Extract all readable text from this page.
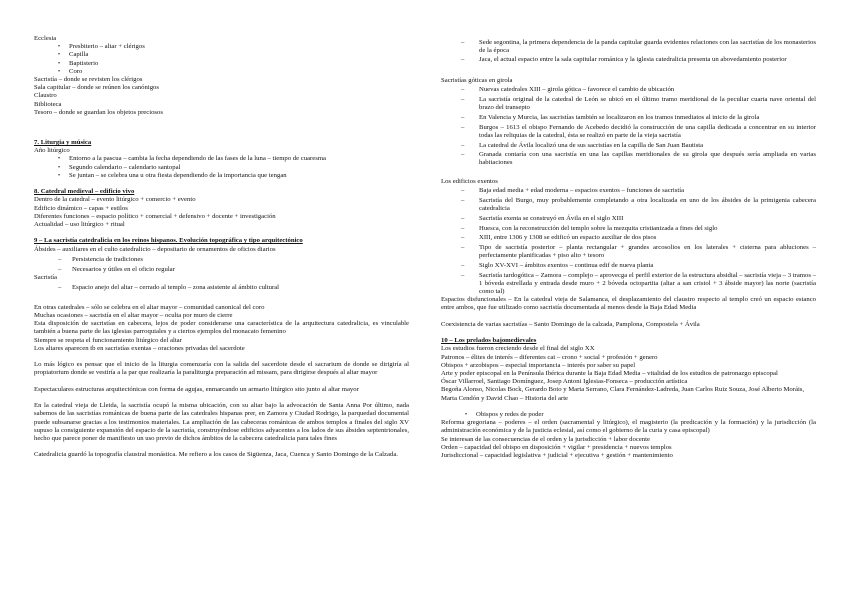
Ecclesia

• Presbiterio – altar + clérigos

• Capilla

• Baptisterio

• Coro

Sacristía – donde se revisten los clérigos

Sala capitular – donde se reúnen los canónigos

Claustro

Biblioteca

Tesoro – donde se guardan los objetos preciosos

7. Liturgia y música

Año litúrgico

• Entorno a la pascua – cambia la fecha dependiendo de las fases de la luna – tiempo de cuaresma

• Segundo calendario – calendario santopal

• Se juntan – se celebra una u otra fiesta dependiendo de la importancia que tengan

8. Catedral medieval – edificio vivo

Dentro de la catedral – evento litúrgico + comercio + evento

Edificio dinámico – capas + estilos

Diferentes funciones – espacio político + comercial + defensivo + docente + investigación

Actualidad – uso litúrgico + ritual

9 – La sacristía catedralicia en los reinos hispanos. Evolución topográfica y tipo arquitectónico

Ábsides – auxiliares en el culto catedralicio – depositario de ornamentos de oficios diarios

– Persistencia de tradiciones

– Necesarios y útiles en el oficio regular

Sacristía

– Espacio anejo del altar – cerrado al templo – zona asistente al ámbito cultural

En otras catedrales – sólo se celebra en el altar mayor – comunidad canonical del coro

Muchas ocasiones – sacristía en el altar mayor – oculta por muro de cierre

Esta disposición de sacristías en cabecera, lejos de poder considerarse una característica de la arquitectura catedralicia, es vinculable también a buena parte de las iglesias parroquiales y a ciertos ejemplos del monacato femenino

Siempre se respeta el funcionamiento litúrgico del altar

Los altares aparecen tb en sacristías exentas – oraciones privadas del sacerdote

Lo más lógico es pensar que el inicio de la liturgia comenzaría con la salida del sacerdote desde el sacrarium de donde se dirigiría al propiatorium donde se vestiría a la par que realizaría la paraliturgia preparación ad missam, para dirigirse después al altar mayor

Espectaculares estructuras arquitectónicas con forma de agujas, enmarcando un armario litúrgico sito junto al altar mayor

En la catedral vieja de Lleida, la sacristía ocupó la misma ubicación, con su altar bajo la advocación de Santa Anna Por último, nada sabemos de las sacristías románicas de buena parte de las catedrales hispanas prer, en Zamora y Ciudad Rodrigo, la parquedad documental puede subsanarse gracias a los testimonios materiales. La ampliación de las cabeceras románicas de ambos templos a finales del siglo XV supuso la consiguiente expansión del espacio de la sacristía, construyéndose edificios adyacentes a los lados de sus ábsides septentrionales, hecho que parece poner de manifiesto un uso previo de dichos ámbitos de la cabecera catedralicia para tales fines

Catedralicia guardó la topografía claustral monástica. Me refiero a los casos de Sigüenza, Jaca, Cuenca y Santo Domingo de la Calzada.

– Sede segontina, la primera dependencia de la panda capitular guarda evidentes relaciones con las sacristías de los monasterios de la época

– Jaca, el actual espacio entre la sala capitular románica y la iglesia catedralicia presenta un abovedamiento posterior

Sacristías góticas en girola

– Nuevas catedrales XIII – girola gótica – favorece el cambio de ubicación

– La sacristía original de la catedral de León se ubicó en el último tramo meridional de la peculiar cuarta nave oriental del brazo del transepto

– En Valencia y Murcia, las sacristías también se localizaron en los tramos inmediatos al inicio de la girola

– Burgos – 1613 el obispo Fernando de Acebedo decidió la construcción de una capilla dedicada a concentrar en su interior todas las reliquias de la catedral, ésta se realizó en parte de la vieja sacristía

– La catedral de Ávila localizó una de sus sacristías en la capilla de San Juan Bautista

– Granada contaría con una sacristía en una las capillas meridionales de su girola que después sería ampliada en varias habitaciones

Los edificios exentos

– Baja edad media + edad moderna – espacios exentos – funciones de sacristía

– Sacristía del Burgo, muy probablemente completando a otra localizada en uno de los ábsides de la primigenia cabecera catedralicia

– Sacristía exenta se construyó en Ávila en el siglo XIII

– Huesca, con la reconstrucción del templo sobre la mezquita cristianizada a fines del siglo

– XIII, entre 1306 y 1308 se edificó un espacio auxiliar de dos pisos

– Tipo de sacristía posterior – planta rectangular + grandes arcosolios en los laterales + cisterna para abluciones – perfectamente planificadas + piso alto + tesoro

– Siglo XV-XVI – ámbitos exentos – continua edif de nueva planta

– Sacristía tardogótica – Zamora – complejo – aprovecga el perfil exterior de la estructura absidial – sacristía vieja – 3 tramos – 1 bóveda estrellada y entrada desde muro + 2 bóveda octopartita (altar a san cristol + 3 ábside mayor) las norte (sacristía como tal)

Espacios disfuncionales – En la catedral vieja de Salamanca, el desplazamiento del claustro respecto al templo creó un espacio estanco entre ambos, que fue utilizado como sacristía documentada al menos desde la Baja Edad Media

Coexistencia de varias sacristías – Santo Domingo de la calzada, Pamplona, Compostela + Ávila

10 – Los prelados bajomedievales

Los estudios fueron creciendo desde el final del siglo XX

Patronos – élites de interés – diferentes cat – crono + social + profesión + genero

Obispos + arzobispos – especial importancia – interés por saber su papel

Arte y poder episcopal en la Península Ibérica durante la Baja Edad Media – vitalidad de los estudios de patronazgo episcopal

Óscar Villarroel, Santiago Domínguez, Josep Antoni Iglesias-Fonseca – producción artística

Begoña Alonso, Nicolas Bock, Gerardo Boto y Marta Serrano, Clara Fernández-Ladreda, Juan Carlos Ruiz Souza, José Alberto Moráis, Marta Cendón y David Chao – Historia del arte

• Obispos y redes de poder

Reforma gregoriana – poderes – el orden (sacramental y litúrgico), el magisterio (la predicación y la formación) y la jurisdicción (la administración económica y de la justicia eclesial, así como el gobierno de la curia y casa episcopal)

Se interesan de las consecuencias de el orden y la jurisdicción + labor docente

Orden – capacidad del obispo en disposición + vigilar + presidencia + nuevos templos

Jurisdiccional – capacidad legislativa + judicial + ejecutiva + gestión + mantenimiento
